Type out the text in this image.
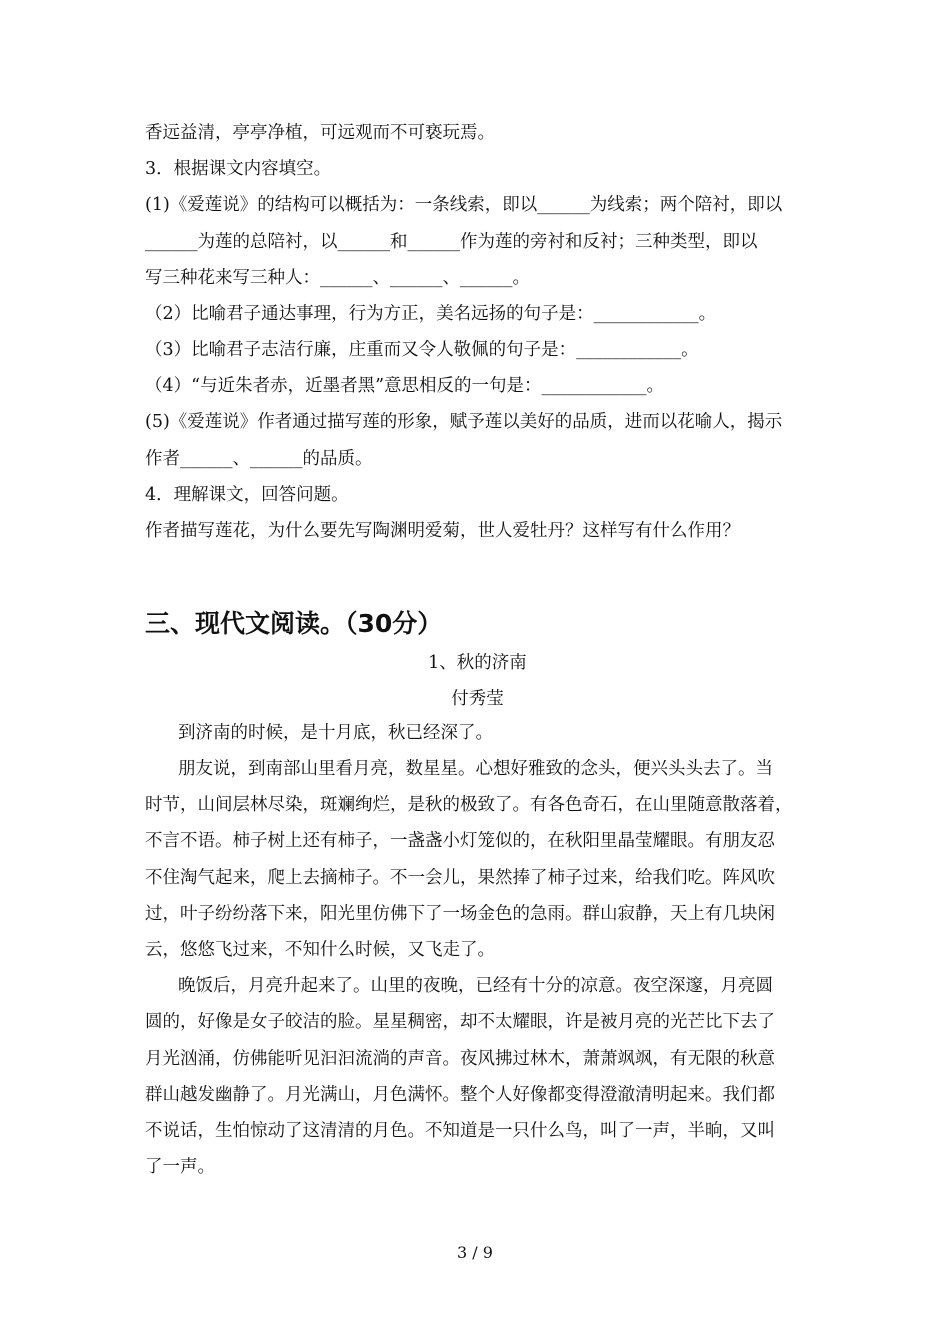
香远益清，亭亭净植，可远观而不可亵玩焉。

3．根据课文内容填空。

(1)《爱莲说》的结构可以概括为：一条线索，即以______为线索；两个陪衬，即以

______为莲的总陪衬，以______和______作为莲的旁衬和反衬；三种类型，即以

写三种花来写三种人：______、______、______。

（2）比喻君子通达事理，行为方正，美名远扬的句子是：____________。

（3）比喻君子志洁行廉，庄重而又令人敬佩的句子是：____________。

（4）“与近朱者赤，近墨者黑”意思相反的一句是：____________。

(5)《爱莲说》作者通过描写莲的形象，赋予莲以美好的品质，进而以花喻人，揭示

作者______、______的品质。

4．理解课文，回答问题。

作者描写莲花，为什么要先写陶渊明爱菊，世人爱牡丹？这样写有什么作用？

三、现代文阅读。（30分）

1、秋的济南

付秀莹

到济南的时候，是十月底，秋已经深了。

朋友说，到南部山里看月亮，数星星。心想好雅致的念头，便兴头头去了。当

时节，山间层林尽染，斑斓绚烂，是秋的极致了。有各色奇石，在山里随意散落着，

不言不语。柿子树上还有柿子，一盏盏小灯笼似的，在秋阳里晶莹耀眼。有朋友忍

不住淘气起来，爬上去摘柿子。不一会儿，果然捧了柿子过来，给我们吃。阵风吹

过，叶子纷纷落下来，阳光里仿佛下了一场金色的急雨。群山寂静，天上有几块闲

云，悠悠飞过来，不知什么时候，又飞走了。

晚饭后，月亮升起来了。山里的夜晚，已经有十分的凉意。夜空深邃，月亮圆

圆的，好像是女子皎洁的脸。星星稠密，却不太耀眼，许是被月亮的光芒比下去了

月光汹涌，仿佛能听见汩汩流淌的声音。夜风拂过林木，萧萧飒飒，有无限的秋意

群山越发幽静了。月光满山，月色满怀。整个人好像都变得澄澈清明起来。我们都

不说话，生怕惊动了这清清的月色。不知道是一只什么鸟，叫了一声，半晌，又叫

了一声。

3 / 9
